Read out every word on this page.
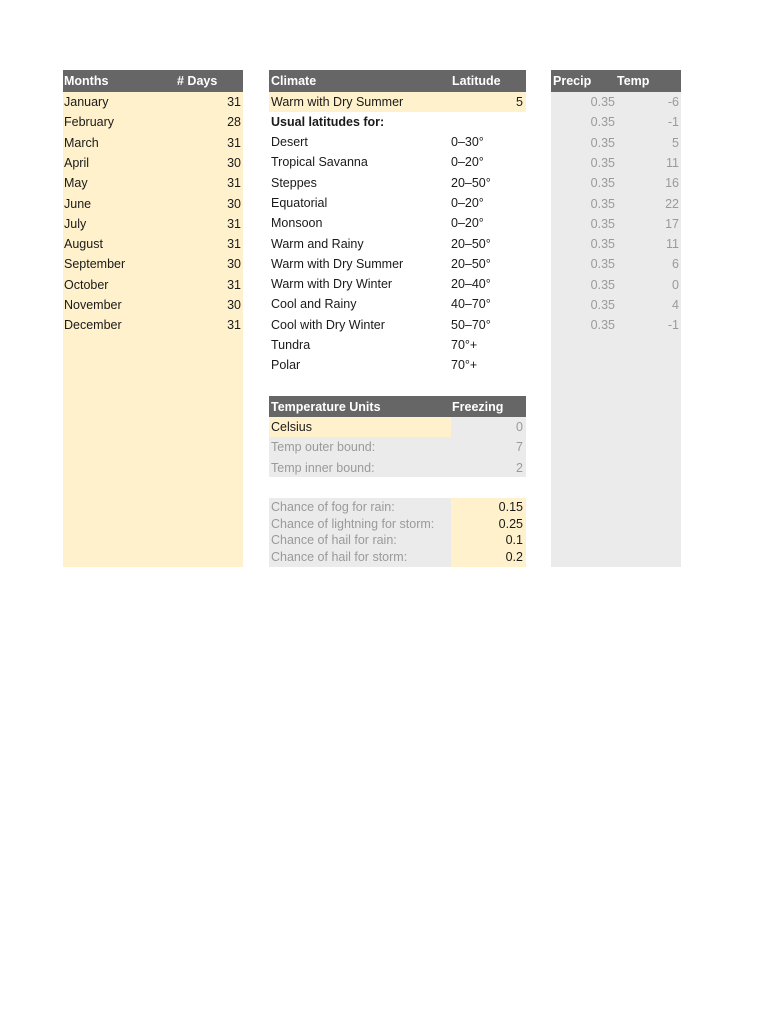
Months	# Days
January	31
February	28
March	31
April	30
May	31
June	30
July	31
August	31
September	30
October	31
November	30
December	31
Climate	Latitude
Warm with Dry Summer	5
Usual latitudes for:
Desert	0–30°
Tropical Savanna	0–20°
Steppes	20–50°
Equatorial	0–20°
Monsoon	0–20°
Warm and Rainy	20–50°
Warm with Dry Summer	20–50°
Warm with Dry Winter	20–40°
Cool and Rainy	40–70°
Cool with Dry Winter	50–70°
Tundra	70°+
Polar	70°+
Temperature Units	Freezing
Celsius	0
Temp outer bound:	7
Temp inner bound:	2
Chance of fog for rain:	0.15
Chance of lightning for storm:	0.25
Chance of hail for rain:	0.1
Chance of hail for storm:	0.2
Precip Temp
0.35	-6
0.35	-1
0.35	5
0.35	11
0.35	16
0.35	22
0.35	17
0.35	11
0.35	6
0.35	0
0.35	4
0.35	-1
